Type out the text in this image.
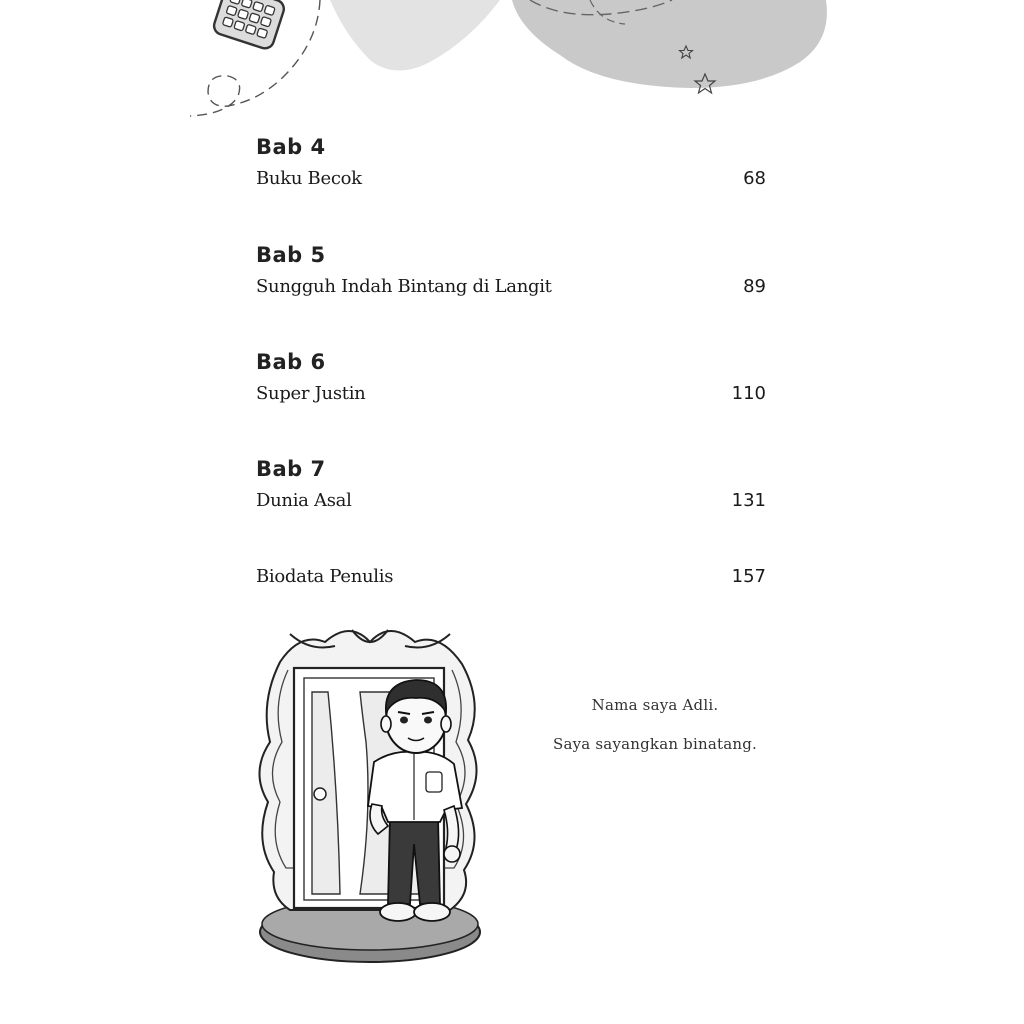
Bab 4
Buku Becok	68
Bab 5
Sungguh Indah Bintang di Langit	89
Bab 6
Super Justin	110
Bab 7
Dunia Asal	131
Biodata Penulis	157
Nama saya Adli.
Saya sayangkan binatang.
